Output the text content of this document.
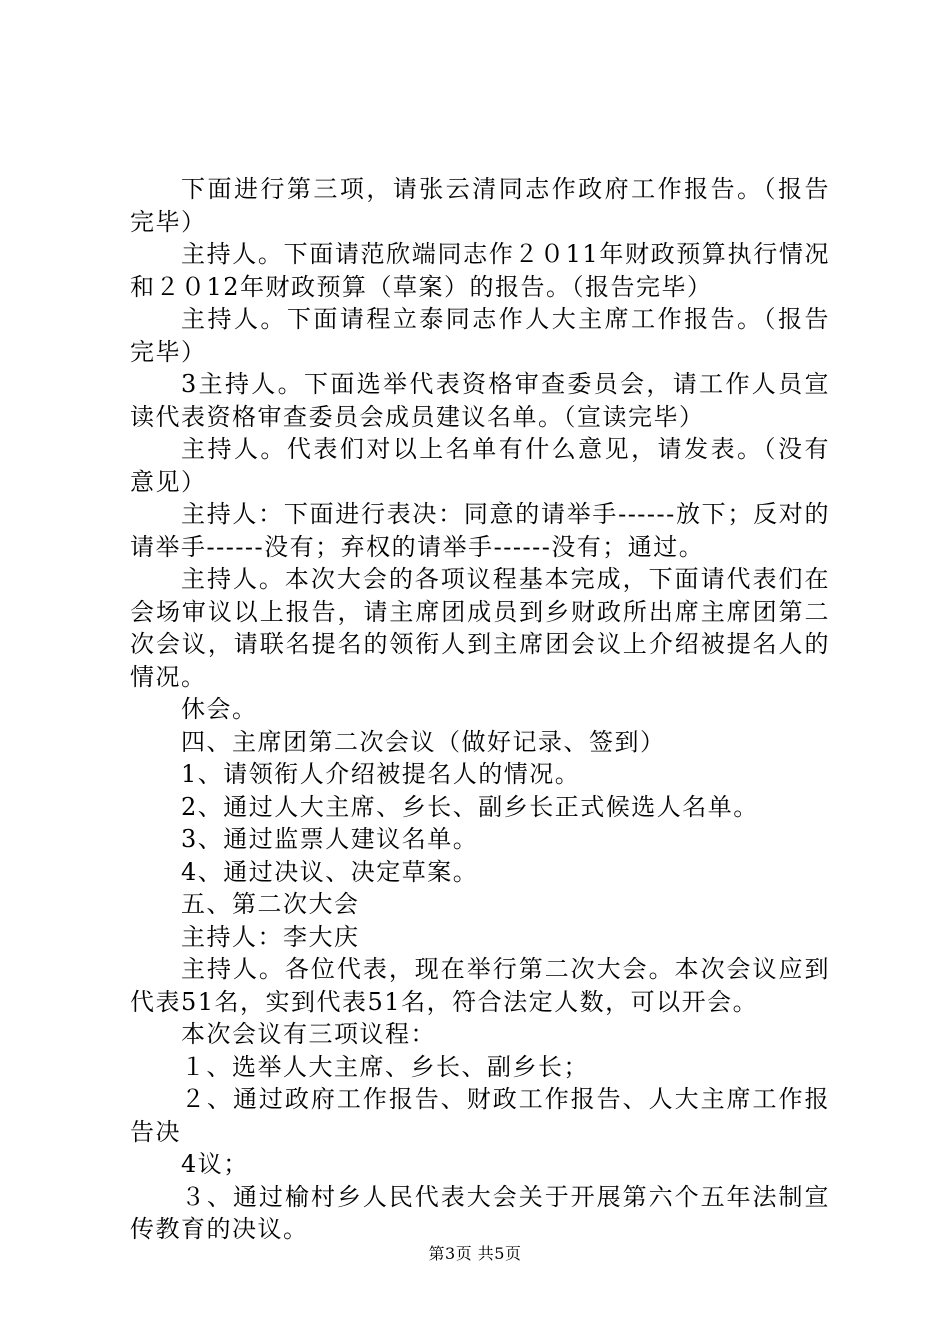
下面进行第三项，请张云清同志作政府工作报告。（报告完毕）

主持人。下面请范欣端同志作２０11年财政预算执行情况和２０12年财政预算（草案）的报告。（报告完毕）

主持人。下面请程立泰同志作人大主席工作报告。（报告完毕）

3主持人。下面选举代表资格审查委员会，请工作人员宣读代表资格审查委员会成员建议名单。（宣读完毕）

主持人。代表们对以上名单有什么意见，请发表。（没有意见）

主持人：下面进行表决：同意的请举手------放下；反对的请举手------没有；弃权的请举手------没有；通过。

主持人。本次大会的各项议程基本完成，下面请代表们在会场审议以上报告，请主席团成员到乡财政所出席主席团第二次会议，请联名提名的领衔人到主席团会议上介绍被提名人的情况。

休会。

四、主席团第二次会议（做好记录、签到）

1、请领衔人介绍被提名人的情况。

2、通过人大主席、乡长、副乡长正式候选人名单。

3、通过监票人建议名单。

4、通过决议、决定草案。

五、第二次大会

主持人：李大庆

主持人。各位代表，现在举行第二次大会。本次会议应到代表51名，实到代表51名，符合法定人数，可以开会。

本次会议有三项议程：

１、选举人大主席、乡长、副乡长；

２、通过政府工作报告、财政工作报告、人大主席工作报告决

4议；

３、通过榆村乡人民代表大会关于开展第六个五年法制宣传教育的决议。

第3页 共5页
